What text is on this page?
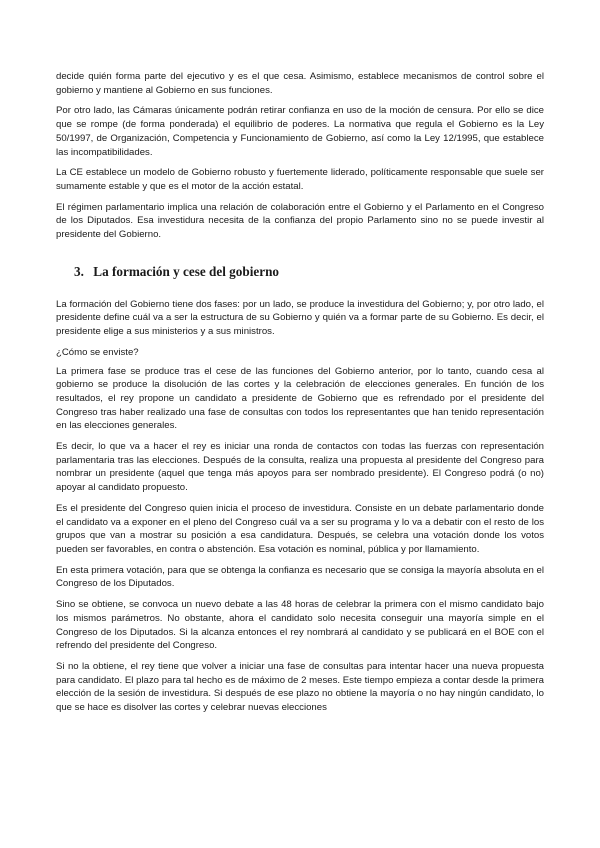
decide quién forma parte del ejecutivo y es el que cesa. Asimismo, establece mecanismos de control sobre el gobierno y mantiene al Gobierno en sus funciones.

Por otro lado, las Cámaras únicamente podrán retirar confianza en uso de la moción de censura. Por ello se dice que se rompe (de forma ponderada) el equilibrio de poderes. La normativa que regula el Gobierno es la Ley 50/1997, de Organización, Competencia y Funcionamiento de Gobierno, así como la Ley 12/1995, que establece las incompatibilidades.

La CE establece un modelo de Gobierno robusto y fuertemente liderado, políticamente responsable que suele ser sumamente estable y que es el motor de la acción estatal.

El régimen parlamentario implica una relación de colaboración entre el Gobierno y el Parlamento en el Congreso de los Diputados. Esa investidura necesita de la confianza del propio Parlamento sino no se puede investir al presidente del Gobierno.

3. La formación y cese del gobierno

La formación del Gobierno tiene dos fases: por un lado, se produce la investidura del Gobierno; y, por otro lado, el presidente define cuál va a ser la estructura de su Gobierno y quién va a formar parte de su Gobierno. Es decir, el presidente elige a sus ministerios y a sus ministros.

¿Cómo se enviste?

La primera fase se produce tras el cese de las funciones del Gobierno anterior, por lo tanto, cuando cesa al gobierno se produce la disolución de las cortes y la celebración de elecciones generales. En función de los resultados, el rey propone un candidato a presidente de Gobierno que es refrendado por el presidente del Congreso tras haber realizado una fase de consultas con todos los representantes que han tenido representación en las elecciones generales.

Es decir, lo que va a hacer el rey es iniciar una ronda de contactos con todas las fuerzas con representación parlamentaria tras las elecciones. Después de la consulta, realiza una propuesta al presidente del Congreso para nombrar un presidente (aquel que tenga más apoyos para ser nombrado presidente). El Congreso podrá (o no) apoyar al candidato propuesto.

Es el presidente del Congreso quien inicia el proceso de investidura. Consiste en un debate parlamentario donde el candidato va a exponer en el pleno del Congreso cuál va a ser su programa y lo va a debatir con el resto de los grupos que van a mostrar su posición a esa candidatura. Después, se celebra una votación donde los votos pueden ser favorables, en contra o abstención. Esa votación es nominal, pública y por llamamiento.

En esta primera votación, para que se obtenga la confianza es necesario que se consiga la mayoría absoluta en el Congreso de los Diputados.

Sino se obtiene, se convoca un nuevo debate a las 48 horas de celebrar la primera con el mismo candidato bajo los mismos parámetros. No obstante, ahora el candidato solo necesita conseguir una mayoría simple en el Congreso de los Diputados. Si la alcanza entonces el rey nombrará al candidato y se publicará en el BOE con el refrendo del presidente del Congreso.

Si no la obtiene, el rey tiene que volver a iniciar una fase de consultas para intentar hacer una nueva propuesta para candidato. El plazo para tal hecho es de máximo de 2 meses. Este tiempo empieza a contar desde la primera elección de la sesión de investidura. Si después de ese plazo no obtiene la mayoría o no hay ningún candidato, lo que se hace es disolver las cortes y celebrar nuevas elecciones
